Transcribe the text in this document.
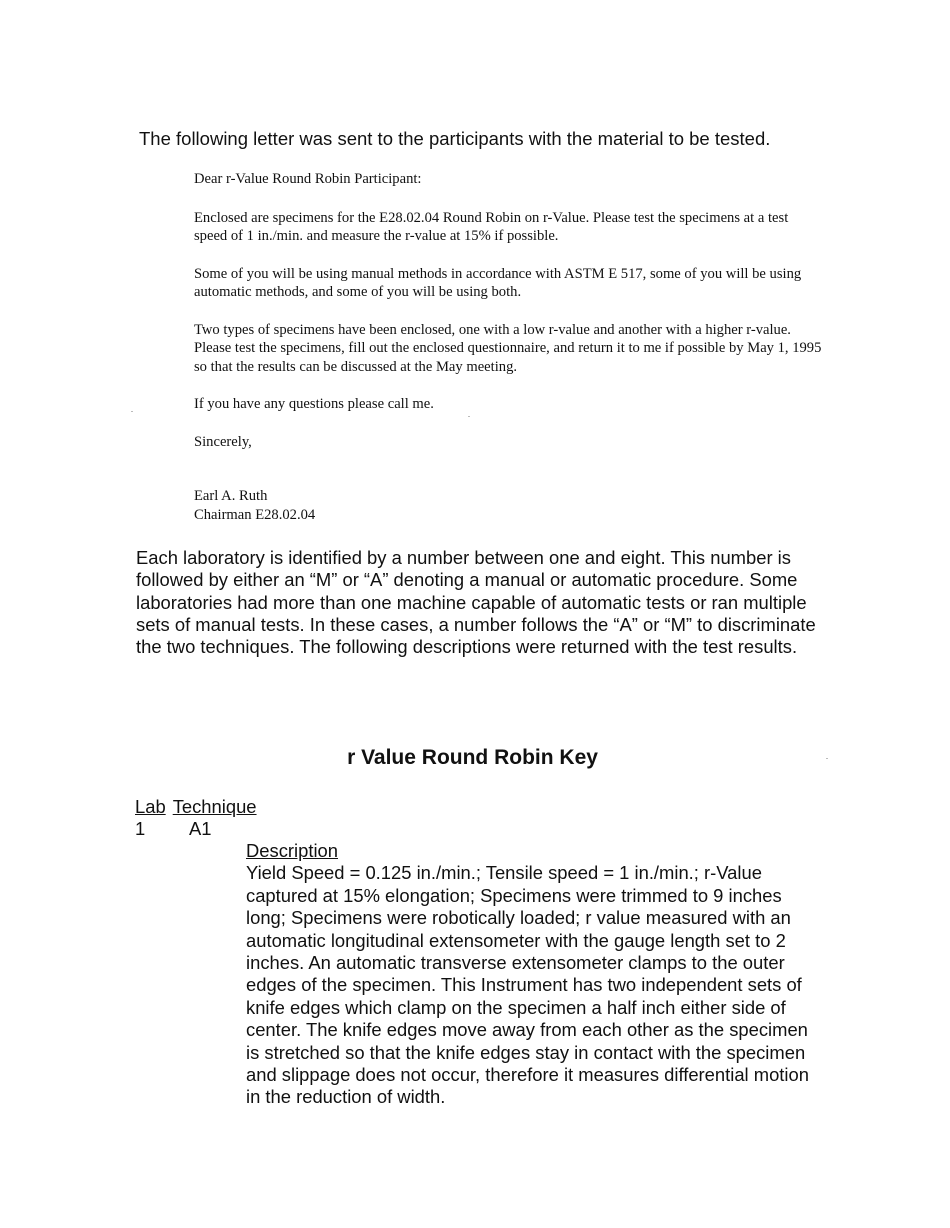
The following letter was sent to the participants with the material to be tested.

Dear r-Value Round Robin Participant:

Enclosed are specimens for the E28.02.04 Round Robin on r-Value. Please test the specimens at a test speed of 1 in./min. and measure the r-value at 15% if possible.

Some of you will be using manual methods in accordance with ASTM E 517, some of you will be using automatic methods, and some of you will be using both.

Two types of specimens have been enclosed, one with a low r-value and another with a higher r-value. Please test the specimens, fill out the enclosed questionnaire, and return it to me if possible by May 1, 1995 so that the results can be discussed at the May meeting.

If you have any questions please call me.

Sincerely,

Earl A. Ruth

Chairman E28.02.04

Each laboratory is identified by a number between one and eight. This number is followed by either an “M” or “A” denoting a manual or automatic procedure. Some laboratories had more than one machine capable of automatic tests or ran multiple sets of manual tests. In these cases, a number follows the “A” or “M” to discriminate the two techniques. The following descriptions were returned with the test results.

r Value Round Robin Key
Lab Technique
1 A1
Description

Yield Speed = 0.125 in./min.; Tensile speed = 1 in./min.; r-Value captured at 15% elongation; Specimens were trimmed to 9 inches long; Specimens were robotically loaded; r value measured with an automatic longitudinal extensometer with the gauge length set to 2 inches. An automatic transverse extensometer clamps to the outer edges of the specimen. This Instrument has two independent sets of knife edges which clamp on the specimen a half inch either side of center. The knife edges move away from each other as the specimen is stretched so that the knife edges stay in contact with the specimen and slippage does not occur, therefore it measures differential motion in the reduction of width.
